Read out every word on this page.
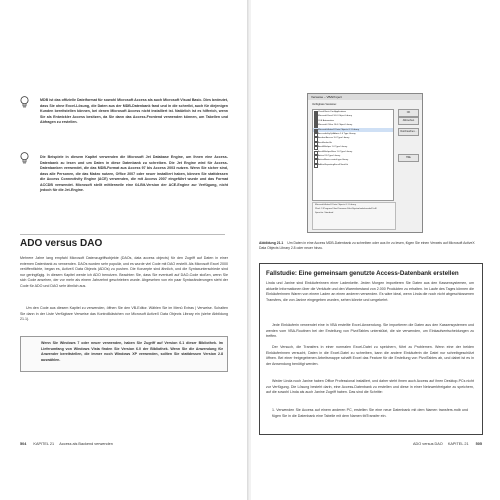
MDB ist das offizielle Dateiformat für sowohl Microsoft Access als auch Microsoft Visual Basic. Dies bedeutet, dass Sie ohne Excel-Lösung, die Daten aus der MDB-Datenbank fand und in die schreibt, auch für diejenigen Kunden bereitstellen können, bei denen Microsoft Access nicht installiert ist. Natürlich ist es hilfreich, wenn Sie als Entwickler Access besitzen, da Sie dann das Access-Frontend verwenden können, um Tabellen und Abfragen zu erstellen.

Die Beispiele in diesem Kapitel verwenden die Microsoft Jet Database Engine, um Ihnen eine Access-Datenbank zu lesen und um Daten in diese Datenbank zu schreiben. Die Jet Engine wird für Access-Datenbanken verwendet, die das MDB-Format aus Access 97 bis Access 2003 nutzen. Wenn Sie sicher sind, dass alle Personen, die das Makro nutzen, Office 2007 oder neuer installiert haben, können Sie stattdessen die Access Connectivity Engine (ACE) verwenden, die mit Access 2007 eingeführt wurde und das Format ACCDB verwendet. Microsoft stellt mittlerweile eine 64-Bit-Version der ACE-Engine zur Verfügung, nicht jedoch für die Jet-Engine.

ADO versus DAO

Mehrere Jahre lang empfahl Microsoft Datenzugriffsobjekte (DAOs, data access objects) für den Zugriff auf Daten in einer externen Datenbank zu verwenden. DAOs wurden sehr populär, und es wurde viel Code mit DAO erstellt. Als Microsoft Excel 2000 veröffentlichte, began es, ActiveX Data Objects (ADOs) zu pushen. Die Konzepte sind ähnlich, und die Syntaxunterschiede sind nur geringfügig. In diesem Kapitel werde ich ADO benutzen. Beachten Sie, dass Sie eventuell auf DAO-Code stoßen, wenn Sie sich Code ansehen, der vor mehr als einem Jahrzehnt geschrieben wurde. Abgesehen von ein paar Syntaxänderungen sieht der Code für ADO und DAO sehr ähnlich aus.

Um den Code aus diesem Kapitel zu verwenden, öffnen Sie den VB-Editor. Wählen Sie im Menü Extras | Verweise. Schalten Sie dann in der Liste Verfügbare Verweise das Kontrollkästchen vor Microsoft ActiveX Data Objects Library ein (siehe Abbildung 21.1).

Wenn Sie Windows 7 oder neuer verwenden, haben Sie Zugriff auf Version 6.1 dieser Bibliothek. Im Lieferumfang von Windows Vista finden Sie Version 6.0 der Bibliothek. Wenn Sie die Anwendung für Anwender bereitstellen, die immer noch Windows XP verwenden, sollten Sie stattdessen Version 2.8 auswählen.

504 KAPITEL 21 Access als Backend verwenden
Verweise – VBAProject
Verfügbare Verweise:
Visual Basic For Applications
Microsoft Excel 16.0 Object Library
OLE Automation
Microsoft Office 16.0 Object Library
Microsoft ActiveX Data Objects 6.1 Library
AccessibilityCplAdmin 1.0 Type Library
Acrobat Access 3.0 Type Library
AcroBrokerLib
AcroIEHelper 1.0 Type Library
AcroIEHelperShim 1.0 Type Library
Active DS Type Library
ActiveMovie control type library
AdHocReportingExcelClientLib
OK
Abbrechen
Durchsuchen...
Hilfe
Microsoft ActiveX Data Objects 6.1 Library
Pfad: C:\Program Files\Common Files\System\ado\msado15.dll
Sprache: Standard
Abbildung 21.1 Um Daten in eine Access MDB-Datenbank zu schreiben oder aus ihr zu lesen, fügen Sie einen Verweis auf Microsoft ActiveX Data Objects Library 2.8 oder neuer hinzu.
Fallstudie: Eine gemeinsam genutzte Access-Datenbank erstellen

Linda und Janine sind Einkäuferinnen einer Ladenkette. Jeden Morgen importieren Sie Daten aus den Kassensystemen, um aktuelle Informationen über die Verkäufe und den Warenbestand von 2.000 Produkten zu erhalten. Im Laufe des Tages können die Einkäuferinnen Waren von einem Laden an einen anderen versenden. Es wäre ideal, wenn Linda die noch nicht abgeschlossenen Transfers, die von Janine eingegeben wurden, sehen könnte und umgekehrt.

Jede Einkäuferin verwendet eine in VBA erstellte Excel-Anwendung. Sie importieren die Daten aus den Kassensystemen und werden vom VBA-Routinen bei der Erstellung von PivotTables unterstützt, die sie verwenden, um Einkaufsentscheidungen zu treffen.

Der Versuch, die Transfers in einer normalen Excel-Datei zu speichern, führt zu Problemen. Wenn eine der beiden Einkäuferinnen versucht, Daten in die Excel-Datei zu schreiben, kann die andere Einkäuferin die Datei nur schreibgeschützt öffnen. Bei einer freigegebenen Arbeitsmappe schafft Excel das Feature für die Erstellung von PivotTables ab, und dabei ist es in der Anwendung benötigt werden.

Weder Linda noch Janine haben Office Professional installiert, und daher steht ihnen auch Access auf ihren Desktop-PCs nicht zur Verfügung. Die Lösung besteht darin, eine Access-Datenbank zu erstellen und diese in einer Netzwerkfreigabe zu speichern, auf die sowohl Linda als auch Janine Zugriff haben. Das sind die Schritte:

1. Verwenden Sie Access auf einem anderen PC, erstellen Sie eine neue Datenbank mit dem Namen transfers.mdb und fügen Sie in die Datenbank eine Tabelle mit dem Namen tblTransfer ein.

ADO versus DAO KAPITEL 21 505
